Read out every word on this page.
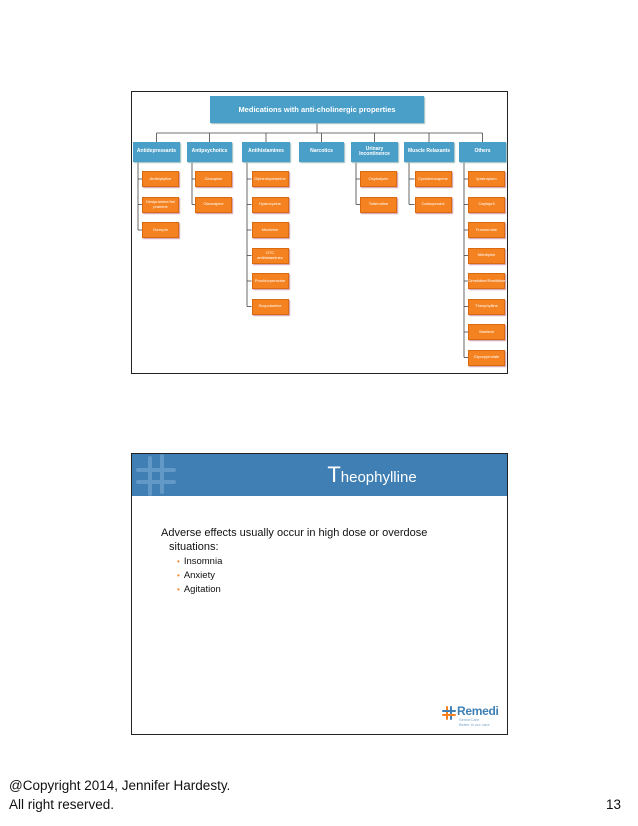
Medications with anti-cholinergic properties
Antidepressants
Amitriptyline
Desipramine/Imi pramine
Doxepin
Antipsychotics
Clozapine
Olanzapine
Antihistamines
Diphenhydramine
Hydroxyzine
Meclizine
OTC antihistamines
Prochlorperazine
Scopolamine
Narcotics	Urinary Incontinence
Oxybutynin
Tolterodine
Muscle Relaxants
Cyclobenzaprine
Carisoprodol
Others
Ipratropium
Captopril
Furosemide
Nifedipine
Cimetidine/Ranitidine
Theophylline
Warfarin
Glycopyrrolate
Theophylline
Adverse effects usually occur in high dose or overdose
situations:
• Insomnia
• Anxiety
• Agitation
Remedi
SeniorCare
Better in our care
@Copyright 2014, Jennifer Hardesty.
All right reserved.	13
